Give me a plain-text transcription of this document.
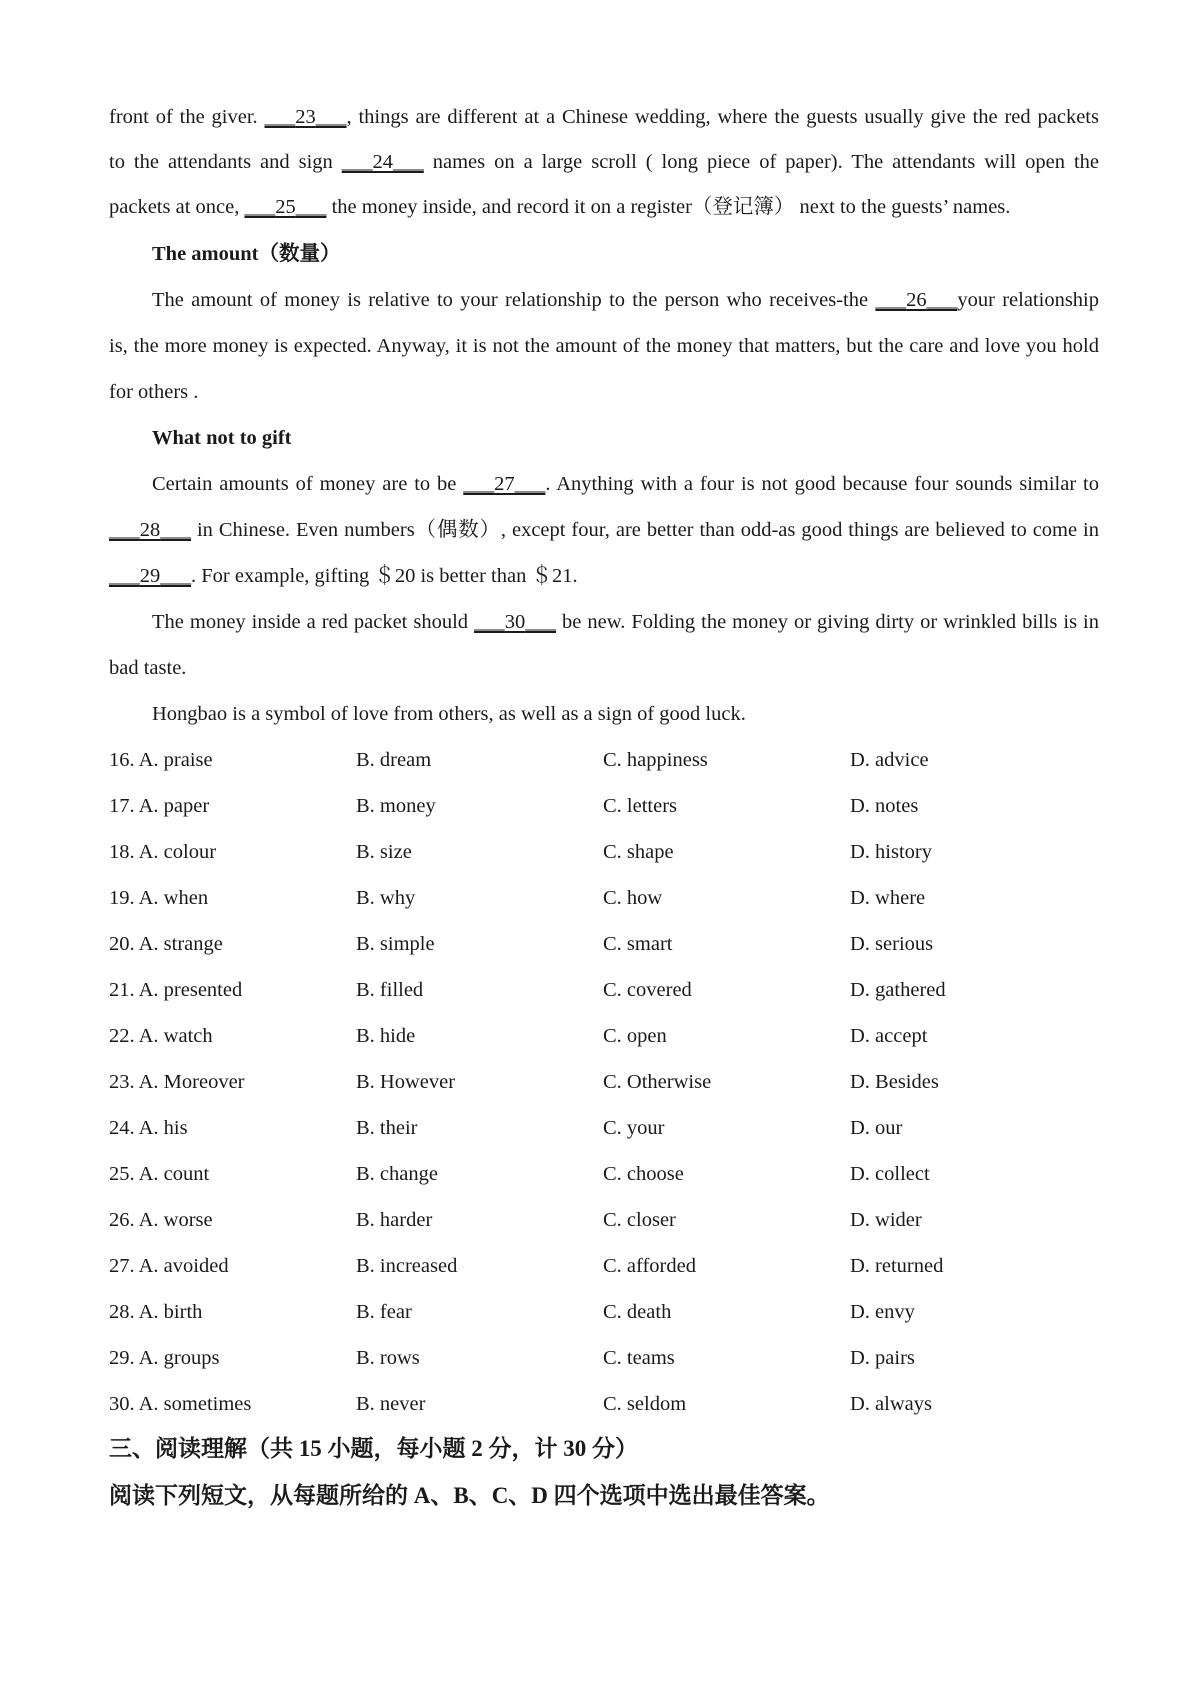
front of the giver. ___23___, things are different at a Chinese wedding, where the guests usually give the red packets
to the attendants and sign ___24___ names on a large scroll ( long piece of paper). The attendants will open the
packets at once, ___25___ the money inside, and record it on a register（登记簿） next to the guests’ names.
The amount（数量）
The amount of money is relative to your relationship to the person who receives-the ___26___your relationship
is, the more money is expected. Anyway, it is not the amount of the money that matters, but the care and love you hold
for others .
What not to gift
Certain amounts of money are to be ___27___. Anything with a four is not good because four sounds similar to
___28___ in Chinese. Even numbers（偶数）, except four, are better than odd-as good things are believed to come in
___29___. For example, gifting ＄20 is better than ＄21.
The money inside a red packet should ___30___ be new. Folding the money or giving dirty or wrinkled bills is in
bad taste.
Hongbao is a symbol of love from others, as well as a sign of good luck.
16. A. praise	B. dream	C. happiness	D. advice
17. A. paper	B. money	C. letters	D. notes
18. A. colour	B. size	C. shape	D. history
19. A. when	B. why	C. how	D. where
20. A. strange	B. simple	C. smart	D. serious
21. A. presented	B. filled	C. covered	D. gathered
22. A. watch	B. hide	C. open	D. accept
23. A. Moreover	B. However	C. Otherwise	D. Besides
24. A. his	B. their	C. your	D. our
25. A. count	B. change	C. choose	D. collect
26. A. worse	B. harder	C. closer	D. wider
27. A. avoided	B. increased	C. afforded	D. returned
28. A. birth	B. fear	C. death	D. envy
29. A. groups	B. rows	C. teams	D. pairs
30. A. sometimes	B. never	C. seldom	D. always
三、阅读理解（共 15 小题，每小题 2 分，计 30 分）
阅读下列短文，从每题所给的 A、B、C、D 四个选项中选出最佳答案。
